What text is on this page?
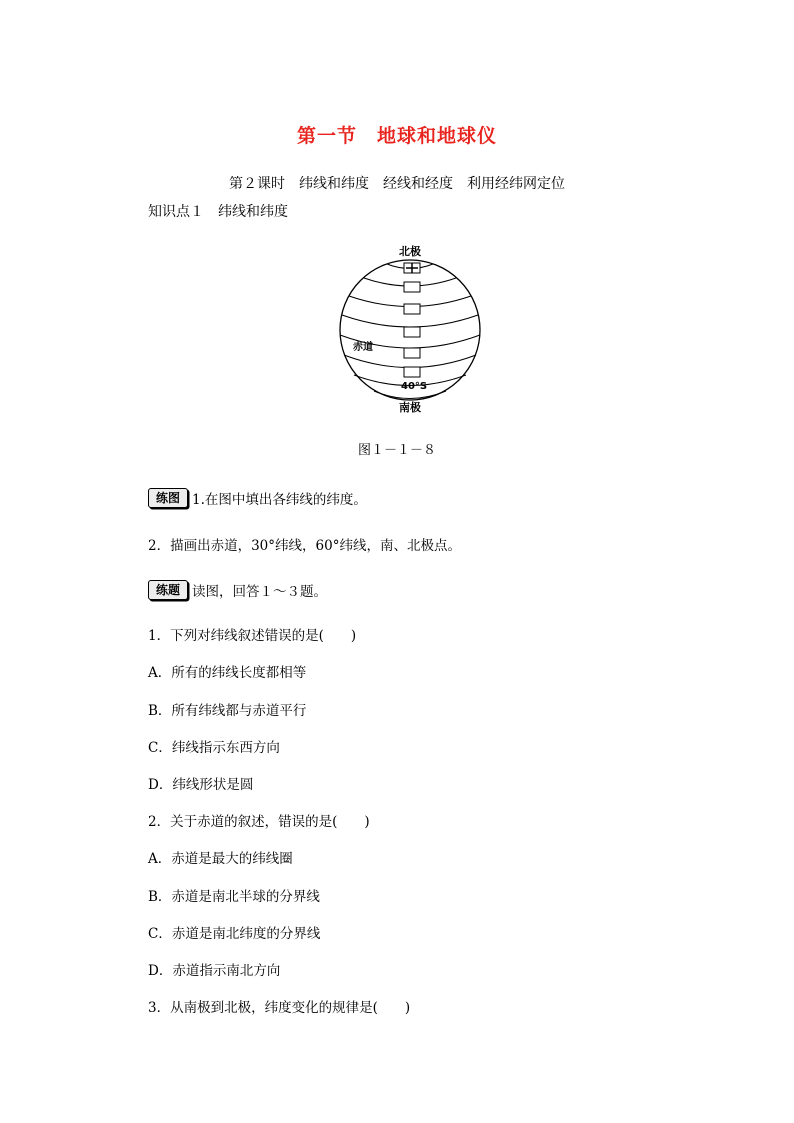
第一节　地球和地球仪
第２课时　纬线和纬度　经线和经度　利用经纬网定位
知识点１　纬线和纬度
北极
赤道
40°S
南极
图１－１－８
练图 1.在图中填出各纬线的纬度。
2．描画出赤道，30°纬线，60°纬线，南、北极点。
练题 读图，回答１～３题。
1．下列对纬线叙述错误的是(　　)
A．所有的纬线长度都相等
B．所有纬线都与赤道平行
C．纬线指示东西方向
D．纬线形状是圆
2．关于赤道的叙述，错误的是(　　)
A．赤道是最大的纬线圈
B．赤道是南北半球的分界线
C．赤道是南北纬度的分界线
D．赤道指示南北方向
3．从南极到北极，纬度变化的规律是(　　)
